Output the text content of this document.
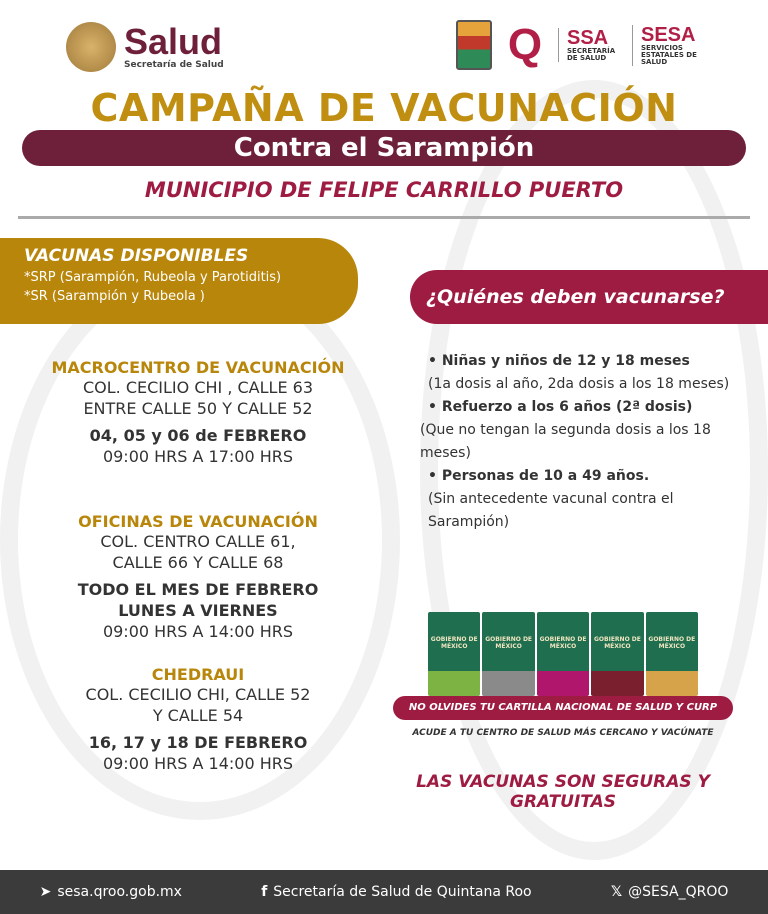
Salud
Secretaría de Salud	Q	SSA
SECRETARÍA DE SALUD
SESA
SERVICIOS ESTATALES DE SALUD
CAMPAÑA DE VACUNACIÓN
Contra el Sarampión
MUNICIPIO DE FELIPE CARRILLO PUERTO
VACUNAS DISPONIBLES

*SRP (Sarampión, Rubeola y Parotiditis)

*SR (Sarampión y Rubeola )	¿Quiénes deben vacunarse?
MACROCENTRO DE VACUNACIÓN
COL. CECILIO CHI , CALLE 63
ENTRE CALLE 50 Y CALLE 52
04, 05 y 06 de FEBRERO
09:00 HRS A 17:00 HRS
OFICINAS DE VACUNACIÓN
COL. CENTRO CALLE 61,
CALLE 66 Y CALLE 68
TODO EL MES DE FEBRERO
LUNES A VIERNES
09:00 HRS A 14:00 HRS
CHEDRAUI
COL. CECILIO CHI, CALLE 52
Y CALLE 54
16, 17 y 18 DE FEBRERO
09:00 HRS A 14:00 HRS
• Niñas y niños de 12 y 18 meses
(1a dosis al año, 2da dosis a los 18 meses)
• Refuerzo a los 6 años (2ª dosis)
(Que no tengan la segunda dosis a los 18 meses)
• Personas de 10 a 49 años.
(Sin antecedente vacunal contra el Sarampión)
GOBIERNO DE MÉXICO
GOBIERNO DE MÉXICO
GOBIERNO DE MÉXICO
GOBIERNO DE MÉXICO
GOBIERNO DE MÉXICO
NO OLVIDES TU CARTILLA NACIONAL DE SALUD Y CURP
ACUDE A TU CENTRO DE SALUD MÁS CERCANO Y VACÚNATE
LAS VACUNAS SON SEGURAS Y GRATUITAS
➤ sesa.qroo.gob.mx	f Secretaría de Salud de Quintana Roo	𝕏 @SESA_QROO
